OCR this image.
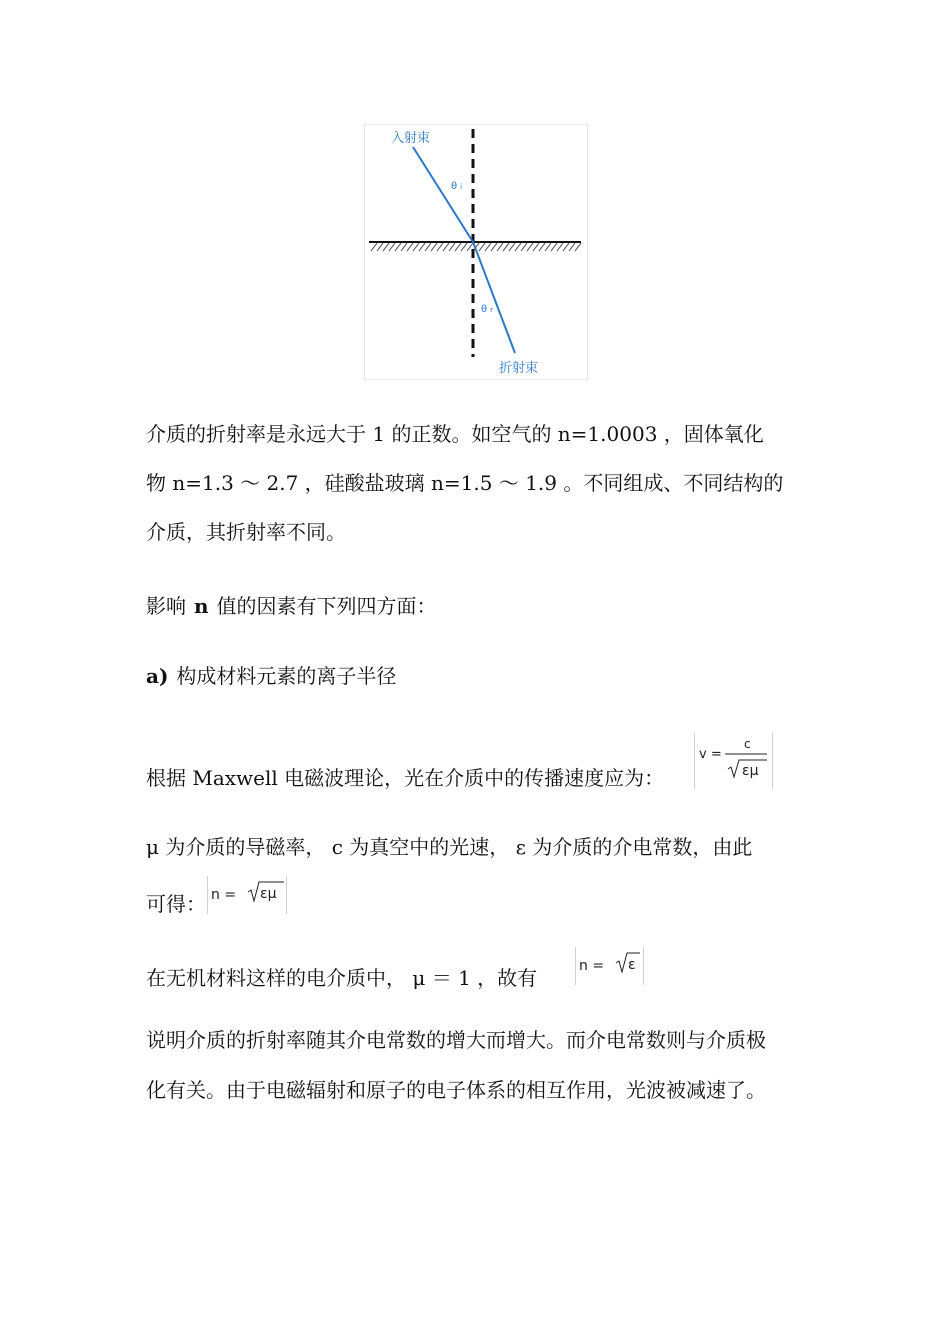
入射束
折射束
θ i
θ r
介质的折射率是永远大于 1 的正数。如空气的 n=1.0003 ，固体氧化
物 n=1.3 ～ 2.7 ，硅酸盐玻璃 n=1.5 ～ 1.9 。不同组成、不同结构的
介质，其折射率不同。
影响 n 值的因素有下列四方面：
a) 构成材料元素的离子半径
根据 Maxwell 电磁波理论，光在介质中的传播速度应为：
v =
c
εμ
μ 为介质的导磁率， c 为真空中的光速， ε 为介质的介电常数，由此
可得： n = εμ
在无机材料这样的电介质中， μ ＝ 1 ，故有	n = ε
说明介质的折射率随其介电常数的增大而增大。而介电常数则与介质极
化有关。由于电磁辐射和原子的电子体系的相互作用，光波被减速了。
